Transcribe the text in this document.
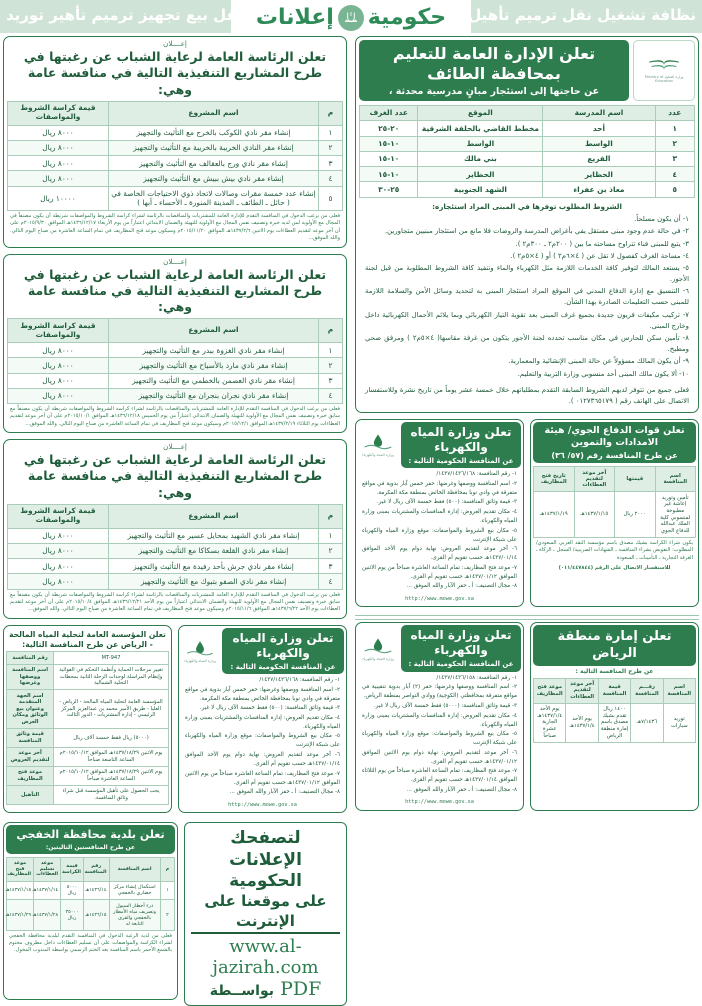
نظافة تشغيل نقل ترميم تأهيل
نقل بيع تجهيز ترميم تأهير توريد	حكومية
إعلانات
وزارة التعليم Ministry of Education
تعلن الإدارة العامة للتعليم بمحافظة الطائف
عن حاجتها إلى استئجار مبانٍ مدرسية محدثة ،
عدد	اسم المدرسة	الموقع	عدد الغرف
١	أحد	مخطط القاضي بالحلقة الشرقية	٢٠-٢٥
٢	الواسط	الواسط	١٠-١٥
٣	القريع	بني مالك	١٠-١٥
٤	الحظاير	الحظاير	١٠-١٥
٥	معاذ بن عفراء	الشهد الجنوبية	٢٥-٣٠
الشروط المطلوب توفرها في المبنى المراد استئجاره:
١- أن يكون مسلحاً.
٢- في حالة عدم وجود مبنى مستقل يفي بأغراض المدرسة والروضات فلا مانع من استئجار مبنيين متجاورين.
٣- يتبع للمبنى فناء تتراوح مساحته ما بين ( ٢٠٠م٢ ـ ٣٠٠م٢ ).
٤- مساحة الغرف كفصول لا تقل عن ( ٤×٦م٢ ) أو ( ٤×٥م٢ ).
٥- يستعد المالك لتوفير كافة الخدمات اللازمة مثل الكهرباء والماء وتنفيذ كافة الشروط المطلوبة من قبل لجنة الأجور.
٦- التنسيق مع إدارة الدفاع المدني في الموقع المراد استئجار المبنى به لتحديد وسائل الأمن والسلامة اللازمة للمبنى حسب التعليمات الصادرة بهذا الشأن.
٧- تركيب مكيفات فريون جديدة بجميع غرف المبنى بعد تقوية التيار الكهربائي وبما يلائم الأحمال الكهربائية داخل وخارج المبنى.
٨- تأمين سكن للحارس في مكان مناسب تحدده لجنة الأجور يتكون من غرفة مقاسها( ٤×٥م٢ ) ومرفق صحي ومطبخ.
٩- أن يكون المالك مسؤولاً عن حالة المبنى الإنشائية والمعمارية.
١٠- ألا يكون مالك المبنى أحد منسوبي وزارة التربية والتعليم.
فعلى جميع من تتوفر لديهم الشروط السابقة التقدم بمطلباتهم خلال خمسة عشر يوماً من تاريخ نشرة وللاستفسار الاتصال على الهاتف رقم ( ٠١٢٧٣٦٥١٧٩ ).
تعلن قوات الدفاع الجوي/ هيئة الامدادات والتموين
عن طرح المنافسة رقم (٥٧/ ٣٦)
اسم المنافسة	قيمتها	آخر موعد لتقديم العطاءات	تاريخ فتح المظاريف
تأمين وتوريد إعاشة غير مطبوخة لمنسوبي كلية الملك عبدالله للدفاع الجوي	٢٠٠٠ ريال	١٤٣٧/١/١٥هـ	١٤٣٧/١/١٩هـ
يكون شراء الكراسة بشيك مصدق باسم مؤسسة النقد العربي السعودي/ المطلوب: التفويض بشراء المنافسة ـ الشهادات الضريبية/ السجل ـ الزكاة ـ الغرفة التجارية ـ التأمينات ـ السعودة
للاستفسار الاتصال على الرقم (٠١١/٤٤٧٨٤٤)
تعلن وزارة المياه والكهرباء
عن المنافسة الحكومية التالية :
وزارة المياه والكهرباء
١- رقم المنافسة: ١٤٣٧/١٤٣٦/١٦٨/
٢- اسم المنافسة ووصفها وغرضها: حفر خمس آبار بدوية في مواقع متفرقة في وادي نوبا بمحافظة الخائض بمنطقة مكة المكرمة.
٣- قيمة وثائق المنافسة: (٥٠٠) فقط خمسة الآف ريال لا غير.
٤- مكان تقديم العروض: إدارة المنافسات والمشتريات بمبنى وزارة المياه والكهرباء.
٥- مكان بيع الشروط والمواصفات: موقع وزارة المياه والكهرباء على شبكة الإنترنت
٦- آخر موعد لتقديم العروض: نهاية دوام يوم الأحد الموافق ١٤٣٧/٠١/١٤هـ حسب تقويم أم القرى.
٧- موعد فتح المظاريف: تمام الساعة العاشرة صباحاً من يوم الاثنين الموافق ١٤٣٧/٠١/١٢هـ حسب تقويم أم القرى.
٨- مجال التصنيف: أ ـ حفر الآبار والله الموفق ...
http://www.mowe.gov.sa
تعلن إمارة منطقة الرياض
عن طرح المنافسة التالية :
اسم المنافسة	رقـــم المنافسة	قيمة المنافسة	آخر موعد لتقديم العطاءات	موعد فتح المظاريف
توريد سيارات	٧/١٤٣٦هـ	١٤٠٠ ريال تقدم بشيك مصدق باسم إمارة منطقة الرياض	يوم الأحد ١٤٣٧/١/٤هـ	يوم الأحد ١٤٣٧/١/٤هـ الجارية عشرة صباحاً
تعلن وزارة المياه والكهرباء
عن المنافسة الحكومية التالية :
وزارة المياه والكهرباء
١- رقم المنافسة: ١٤٣٧/١٤٣٦/١٥٨/
٢- اسم المنافسة ووصفها وغرضها: حفر (٢) آبار بدوية تنقيبية في مواقع متفرقة بمحافظتي (الكوجية) ووادي التواصر بمنطقة الرياض.
٣- قيمة وثائق المنافسة: (٥٠٠٠) فقط خمسة الآف ريال لا غير.
٤- مكان تقديم العروض: إدارة المنافسات والمشتريات بمبنى وزارة المياه والكهرباء.
٥- مكان بيع الشروط والمواصفات: موقع وزارة المياه والكهرباء على شبكة الإنترنت
٦- آخر موعد لتقديم العروض: نهاية دوام يوم الاثنين الموافق ١٤٣٧/٠١/١٢هـ حسب تقويم أم القرى.
٧- موعد فتح المظاريف: تمام الساعة العاشرة صباحاً من يوم الثلاثاء الموافق ١٤٣٧/٠١/١٤هـ حسب تقويم أم القرى.
٨- مجال التصنيف: أ ـ حفر الآبار والله الموفق ...
http://www.mowe.gov.sa
إعــــلان
تعلن الرئاسة العامة لرعاية الشباب عن رغبتها في طرح المشاريع التنفيذية التالية في منافسة عامة وهي:
م	اسم المشروع	قيمة كراسة الشروط والمواصفات
١	إنشاء مقر نادي الكوكب بالخرج مع التأثيث والتجهيز	٨٠٠٠ ريال
٢	إنشاء مقر النادي الخريبة بالخريبة مع التأثيث والتجهيز	٨٠٠٠ ريال
٣	إنشاء مقر نادي ورج بالعقالف مع التأثيث والتجهيز	٨٠٠٠ ريال
٤	إنشاء مقر نادي بيش ببيش مع التأثيث والتجهيز	٨٠٠٠ ريال
٥	إنشاء عدد خمسة مقرات وصالات لاتحاد ذوي الاحتياجات الخاصة في ( حائل ـ الطائف ـ المدينة المنورة ـ الأحساء ـ أبها )	١٠٠٠٠ ريال
فعلى من يرغب الدخول في المنافسة التقدم للإدارة العامة للمشتريات والمناقصات بالرئاسة لشراء كراسة الشروط والمواصفات شريطة أن يكون مصنفاً في المجال مع الأولوية لمن لديه خبرة وتصنيف نفس المجال مع الأولوية للتهيئة والضمان الابتدائي اعتباراً من يوم الأربعاء ١٤٣٦/١٢/١٧هـ الموافق ٢٠١٥/٩/٣٠م على أن آخر موعد لتقديم العطاءات يوم الاثنين ١٤٣٧/٢/٦هـ الموافق ٢٠١٥/١١/٢٠م وسيكون موعد فتح المظاريف في تمام الساعة العاشرة من صباح اليوم التالي. والله الموفق...
إعــــلان
تعلن الرئاسة العامة لرعاية الشباب عن رغبتها في طرح المشاريع التنفيذية التالية في منافسة عامة وهي:
م	اسم المشروع	قيمة كراسة الشروط والمواصفات
١	إنشاء مقر نادي الغزوة ببدر مع التأثيث والتجهيز	٨٠٠٠ ريال
٢	إنشاء مقر نادي مارد بالأسياح مع التأثيث والتجهيز	٨٠٠٠ ريال
٣	إنشاء مقر نادي العصمن بالخطمي مع التأثيث والتجهيز	٨٠٠٠ ريال
٤	إنشاء مقر نادي نجران بنجران مع التأثيث والتجهيز	٨٠٠٠ ريال
فعلى من يرغب الدخول في المنافسة التقدم للإدارة العامة للمشتريات والمناقصات بالرئاسة لشراء كراسة الشروط والمواصفات شريطة أن يكون مصنفاً مع سابق خبرة وتصنيف نفس المجال مع الأولوية للتهيئة والضمان الابتدائي اعتباراً من يوم الخميس ١٤٣٦/١٢/١٨هـ الموافق ٢٠١٥/١٠/١م على أن آخر موعد لتقديم العطاءات يوم الثلاثاء ١٤٣٧/٢/١٩هـ الموافق ٢٠١٥/١٢/١م وسيكون موعد فتح المظاريف في تمام الساعة العاشرة من صباح اليوم التالي. والله الموفق...
إعــــلان
تعلن الرئاسة العامة لرعاية الشباب عن رغبتها في طرح المشاريع التنفيذية التالية في منافسة عامة وهي:
م	اسم المشروع	قيمة كراسة الشروط والمواصفات
١	إنشاء مقر نادي الشهيد بمحايل عسير مع التأثيث والتجهيز	٨٠٠٠ ريال
٢	إنشاء مقر نادي القلعة بسكاكا مع التأثيث والتجهيز	٨٠٠٠ ريال
٣	إنشاء مقر نادي جرش بأحد رفيدة مع التأثيث والتجهيز	٨٠٠٠ ريال
٤	إنشاء مقر نادي الصفو بتبوك مع التأثيث والتجهيز	٨٠٠٠ ريال
فعلى من يرغب الدخول في المنافسة التقدم للإدارة العامة للمشتريات والمناقصات بالرئاسة لشراء كراسة الشروط والمواصفات شريطة أن يكون مصنفاً مع سابق خبرة وتصنيف نفس المجال مع الأولوية للتهيئة والضمان الابتدائي اعتباراً من يوم الأحد ١٤٣٦/١٢/٢١هـ الموافق ٢٠١٥/١٠/٤م على أن آخر موعد لتقديم العطاءات يوم الأحد ١٤٣٧/٦/٢٢هـ الموافق ٢٠١٥/١١/٦م وسيكون موعد فتح المظاريف في تمام الساعة العاشرة من صباح اليوم التالي. والله الموفق...
تعلن وزارة المياه والكهرباء
عن المنافسة الحكومية التالية :
وزارة المياه والكهرباء
١- رقم المنافسة: ١٤٣٧/١٤٣٦/١٦٨/
٢- اسم المنافسة ووصفها وغرضها: حفر خمس آبار بدوية في مواقع متفرقة في وادي نوبا بمحافظة الخائض بمنطقة مكة المكرمة.
٣- قيمة وثائق المنافسة: (٥٠٠) فقط خمسة الآف ريال لا غير.
٤- مكان تقديم العروض: إدارة المنافسات والمشتريات بمبنى وزارة المياه والكهرباء.
٥- مكان بيع الشروط والمواصفات: موقع وزارة المياه والكهرباء على شبكة الإنترنت
٦- آخر موعد لتقديم العروض: نهاية دوام يوم الأحد الموافق ١٤٣٧/٠١/١٤هـ حسب تقويم أم القرى.
٧- موعد فتح المظاريف: تمام الساعة العاشرة صباحاً من يوم الاثنين الموافق ١٤٣٧/٠١/١٢هـ حسب تقويم أم القرى.
٨- مجال التصنيف: أ ـ حفر الآبار والله الموفق ...
http://www.mowe.gov.sa
تعلن المؤسسة العامة لتحلية المياه المالحة - الرياض عن طرح المنافسة التالية:
MT-947	رقم المنافسة
تغيير مرحلات الحماية وأنظمة التحكم في الفوائية وإنظام المراسلة لوحدات الرحلة الثانية بمحطات التحلية الشمالية	اسم المنافسة ووصفها وغرضها
المؤسسة العامة لتحلية المياه المالحة - الرياض - العليا - طريق الأمير محمد بن عبدالعزيز المركز الرئيسي - إدارة المشتريات - الدور الثالث	اسم الجهة المتقدمة وعنوان بيع الوثائق ومكان العرض
(٥٠٠٠) ريال فقط خمسة آلاف ريال	قيمة وثائق المنافسة
يوم الاثنين ١٤٣٧/١٨/٢٩هـ الموافق ٢٠١٥/١٠/١٢م الساعة التاسعة صباحاً	آخر موعد لتقديم العروض
يوم الاثنين ١٤٣٧/١٨/٢٩هـ الموافق ٢٠١٥/١٠/١٢م الساعة العاشرة صباحاً	موعد فتح المظاريف
يجب الحصول على تأهيل المؤسسة قبل شراء وثائق المنافسة.	التأهيل
لتصفحك الإعلانات الحكومية
على موقعنا على الإنترنت
www.al-jazirah.com
PDF بواســطة
تعلن بلدية محافظة الخفجي
عن طرح المنافستين التاليتين:
م	اسم المنافسة	رقم المنافسة	قيمة الكراسة	موعد تسليم العطاءات	موعد فتح المظاريف
١	استكمال إنشاء مركز حضاري بالخفجي	١٤٣٦/١٤هـ	٥٠٠٠ ريال	١٤٣٧/١/١٤هـ	١٤٣٧/١/١٥هـ
٢	درء أخطار السيول وتصريف مياه الأمطار بالخفجي والقرى التابعة له	١٤٣٦/١٥هـ	٣٥٠٠٠ ريال	١٤٣٧/١/٢٨هـ	١٤٣٧/١/٢٩هـ
فعلى من لديه الرغبة الدخول في المنافسة التقدم لبلدية محافظة الخفجي لشراء الكراسة والمواصفات على أن تسليم العطاءات داخل مظروف مختوم بالشمع الأحمر باسم المنافسة بعد الختم الرسمي بواسطة المندوب المخول.
